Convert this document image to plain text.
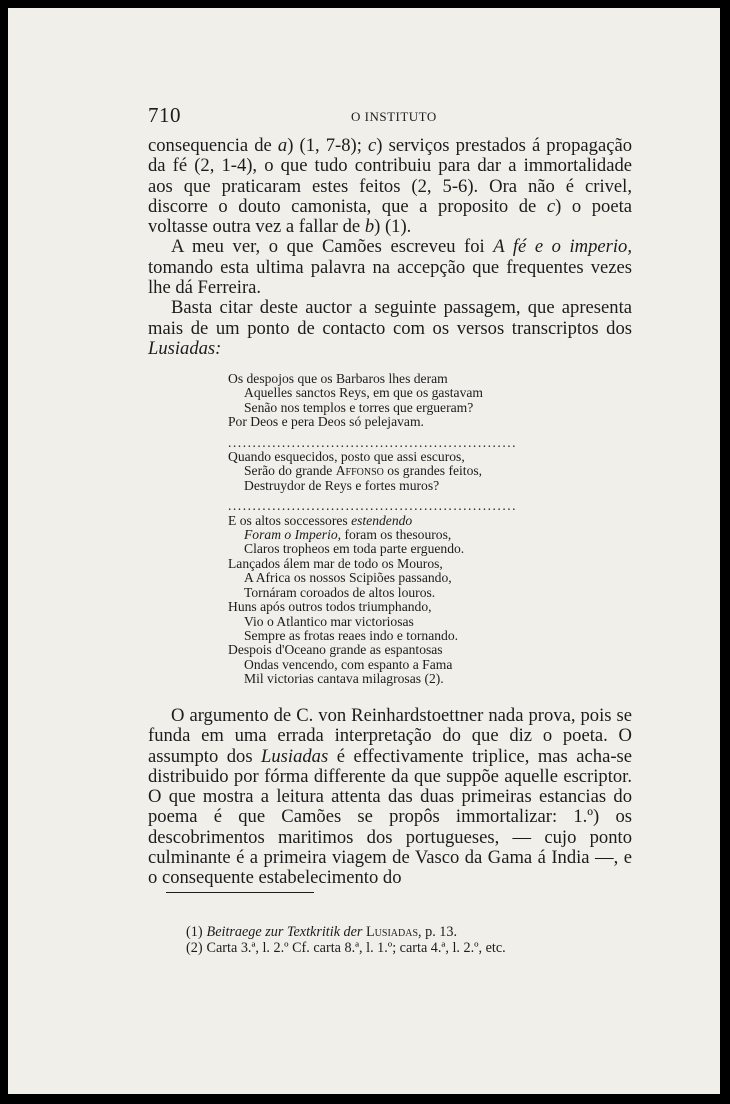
710	O INSTITUTO

consequencia de a) (1, 7-8); c) serviços prestados á propagação da fé (2, 1-4), o que tudo contribuiu para dar a immortalidade aos que praticaram estes feitos (2, 5-6). Ora não é crivel, discorre o douto camonista, que a proposito de c) o poeta voltasse outra vez a fallar de b) (1).

A meu ver, o que Camões escreveu foi A fé e o imperio, tomando esta ultima palavra na accepção que frequentes vezes lhe dá Ferreira.

Basta citar deste auctor a seguinte passagem, que apresenta mais de um ponto de contacto com os versos transcriptos dos Lusiadas:

Os despojos que os Barbaros lhes deram
Aquelles sanctos Reys, em que os gastavam
Senão nos templos e torres que ergueram?
Por Deos e pera Deos só pelejavam.
...........................................................
Quando esquecidos, posto que assi escuros,
Serão do grande Affonso os grandes feitos,
Destruydor de Reys e fortes muros?
...........................................................
E os altos soccessores estendendo
Foram o Imperio, foram os thesouros,
Claros tropheos em toda parte erguendo.
Lançados álem mar de todo os Mouros,
A Africa os nossos Scipiões passando,
Tornáram coroados de altos louros.
Huns após outros todos triumphando,
Vio o Atlantico mar victoriosas
Sempre as frotas reaes indo e tornando.
Despois d'Oceano grande as espantosas
Ondas vencendo, com espanto a Fama
Mil victorias cantava milagrosas (2).

O argumento de C. von Reinhardstoettner nada prova, pois se funda em uma errada interpretação do que diz o poeta. O assumpto dos Lusiadas é effectivamente triplice, mas acha-se distribuido por fórma differente da que suppõe aquelle escriptor. O que mostra a leitura attenta das duas primeiras estancias do poema é que Camões se propôs immortalizar: 1.º) os descobrimentos maritimos dos portugueses, — cujo ponto culminante é a primeira viagem de Vasco da Gama á India —, e o consequente estabelecimento do

(1) Beitraege zur Textkritik der Lusiadas, p. 13.
(2) Carta 3.ª, l. 2.º Cf. carta 8.ª, l. 1.º; carta 4.ª, l. 2.º, etc.
